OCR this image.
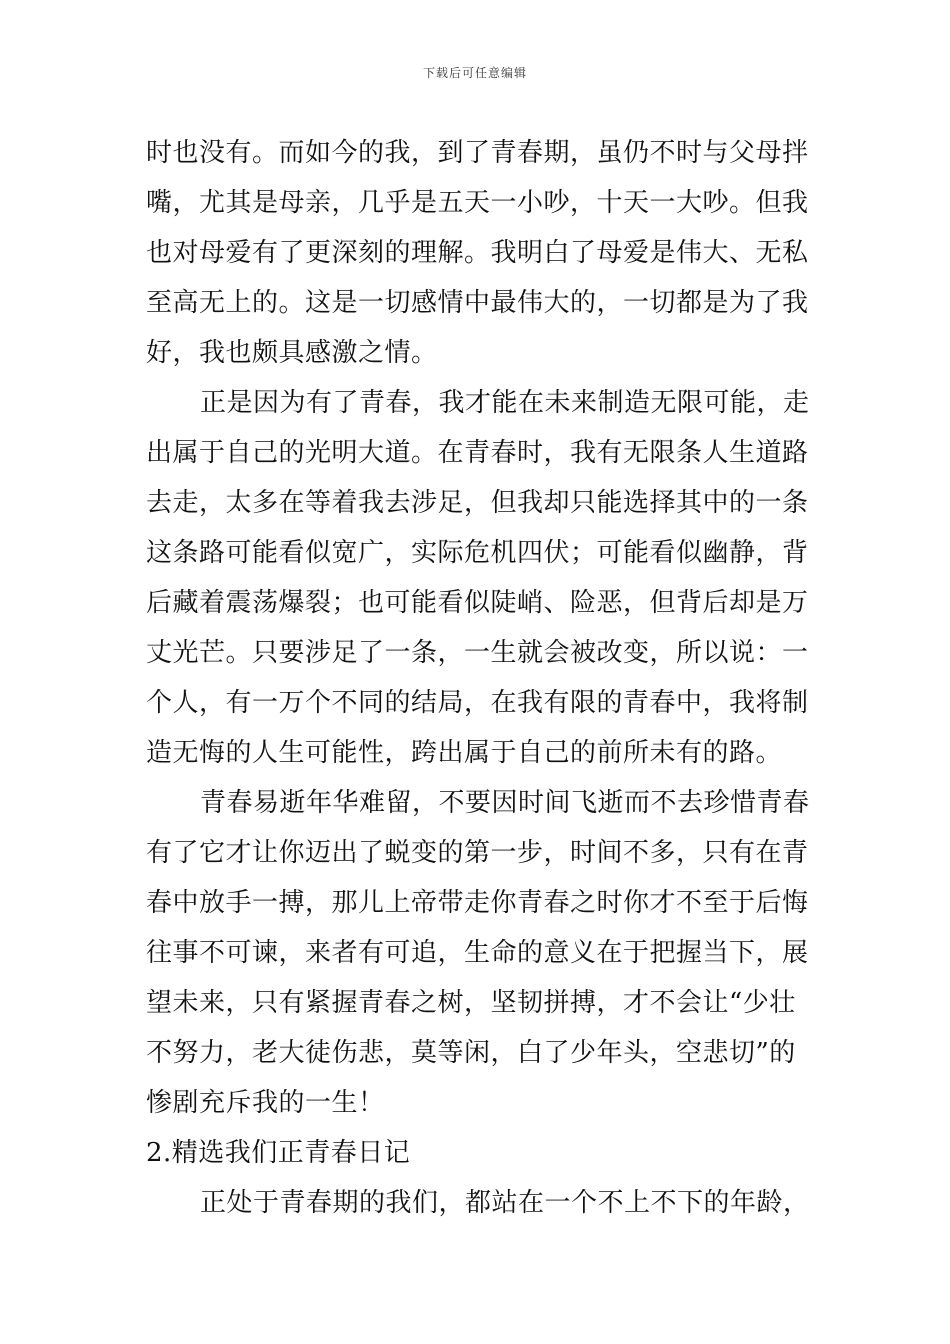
下载后可任意编辑
时也没有。而如今的我，到了青春期，虽仍不时与父母拌
嘴，尤其是母亲，几乎是五天一小吵，十天一大吵。但我
也对母爱有了更深刻的理解。我明白了母爱是伟大、无私
至高无上的。这是一切感情中最伟大的，一切都是为了我
好，我也颇具感激之情。
正是因为有了青春，我才能在未来制造无限可能，走
出属于自己的光明大道。在青春时，我有无限条人生道路
去走，太多在等着我去涉足，但我却只能选择其中的一条
这条路可能看似宽广，实际危机四伏；可能看似幽静，背
后藏着震荡爆裂；也可能看似陡峭、险恶，但背后却是万
丈光芒。只要涉足了一条，一生就会被改变，所以说：一
个人，有一万个不同的结局，在我有限的青春中，我将制
造无悔的人生可能性，跨出属于自己的前所未有的路。
青春易逝年华难留，不要因时间飞逝而不去珍惜青春
有了它才让你迈出了蜕变的第一步，时间不多，只有在青
春中放手一搏，那儿上帝带走你青春之时你才不至于后悔
往事不可谏，来者有可追，生命的意义在于把握当下，展
望未来，只有紧握青春之树，坚韧拼搏，才不会让“少壮
不努力，老大徒伤悲，莫等闲，白了少年头，空悲切”的
惨剧充斥我的一生！
2.精选我们正青春日记
正处于青春期的我们，都站在一个不上不下的年龄，
